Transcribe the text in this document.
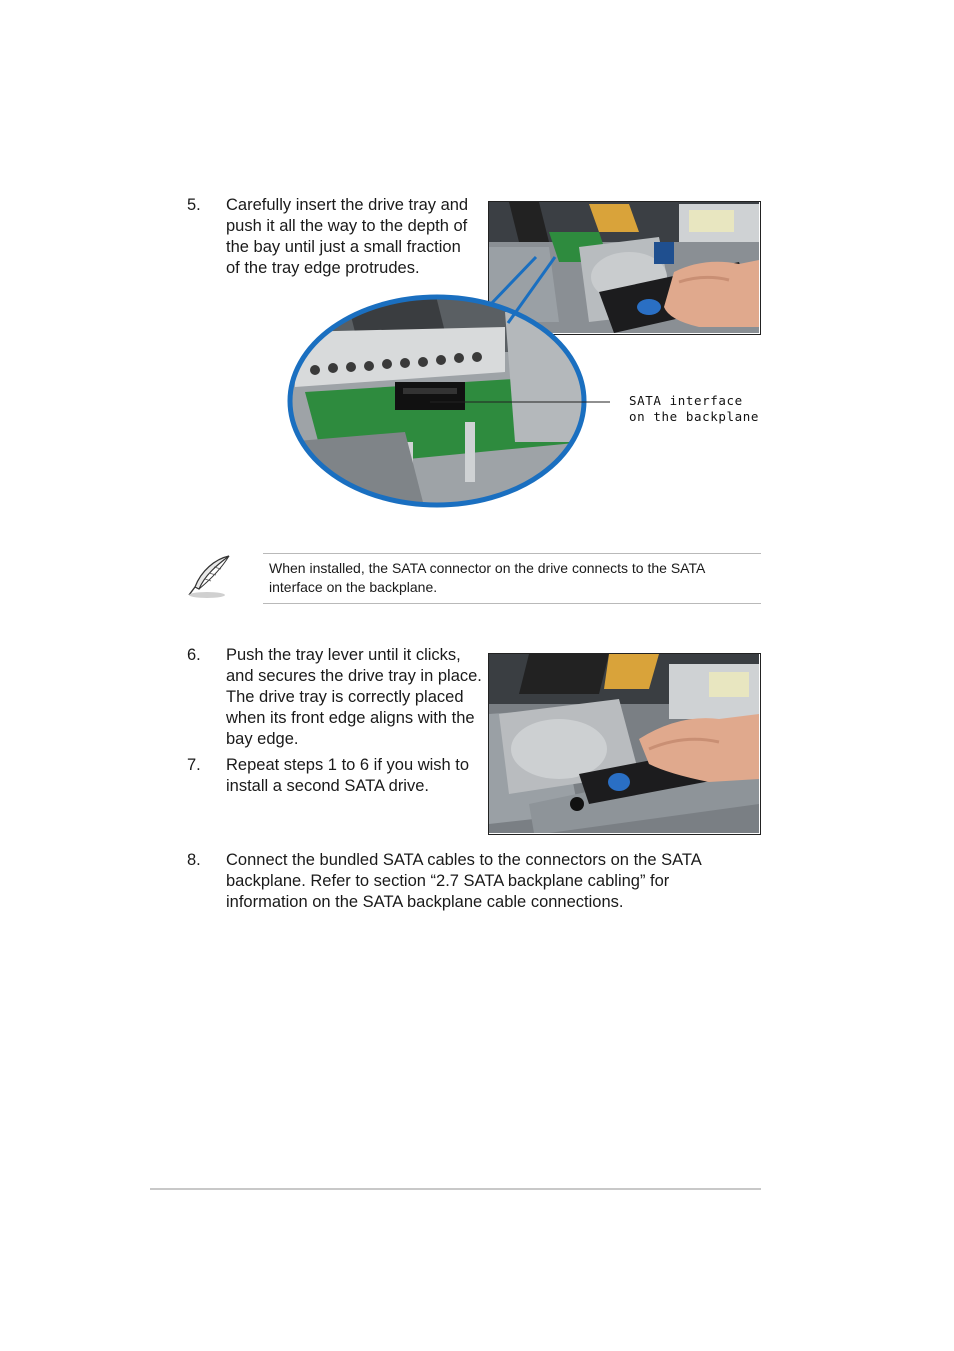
5.	Carefully insert the drive tray and push it all the way to the depth of the bay until just a small fraction of the tray edge protrudes.
SATA interface
on the backplane
When installed, the SATA connector on the drive connects to the SATA interface on the backplane.
6.	Push the tray lever until it clicks, and secures the drive tray in place. The drive tray is correctly placed when its front edge aligns with the bay edge.
7.	Repeat steps 1 to 6 if you wish to install a second SATA drive.
8.	Connect the bundled SATA cables to the connectors on the SATA backplane. Refer to section “2.7 SATA backplane cabling” for information on the SATA backplane cable connections.
